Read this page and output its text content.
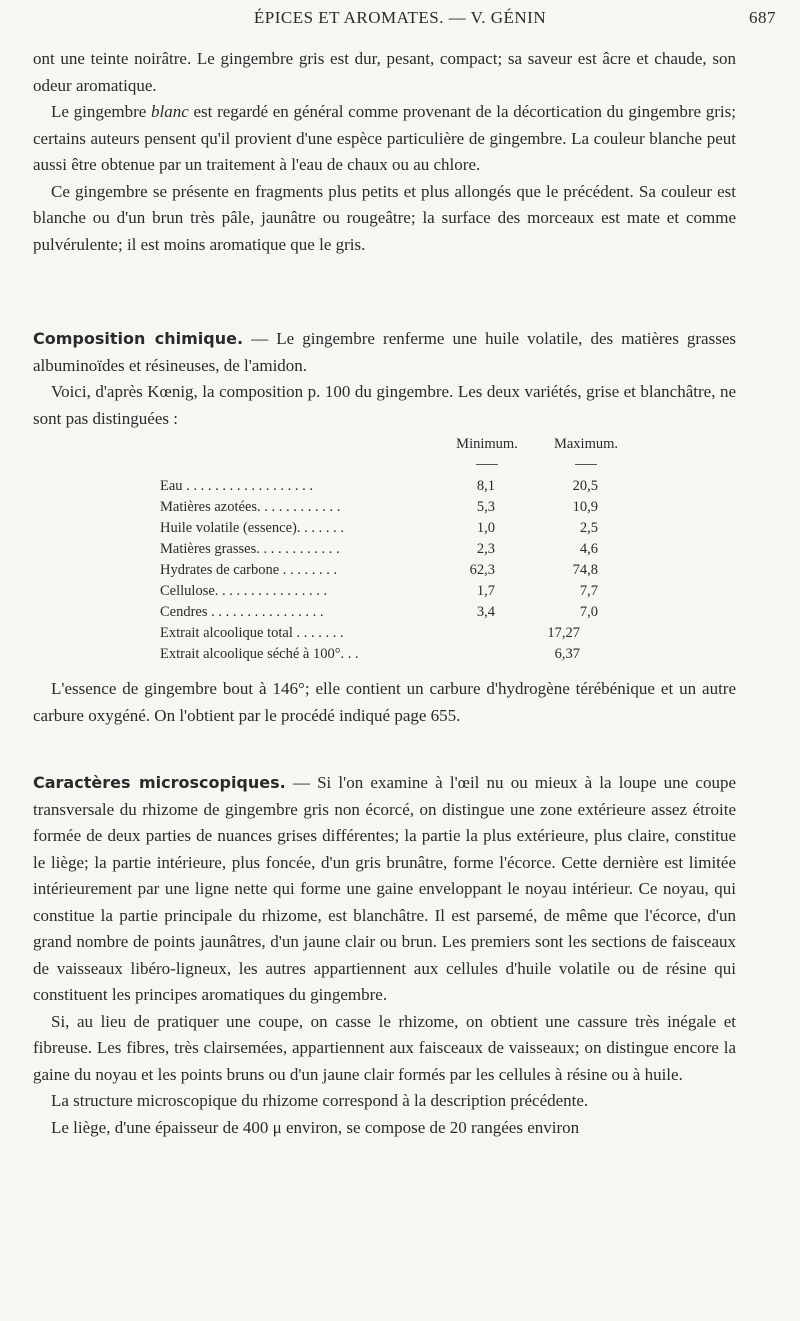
ÉPICES ET AROMATES. — V. GÉNIN	687

ont une teinte noirâtre. Le gingembre gris est dur, pesant, compact; sa saveur est âcre et chaude, son odeur aromatique.

Le gingembre blanc est regardé en général comme provenant de la décortication du gingembre gris; certains auteurs pensent qu'il provient d'une espèce particulière de gingembre. La couleur blanche peut aussi être obtenue par un traitement à l'eau de chaux ou au chlore.

Ce gingembre se présente en fragments plus petits et plus allongés que le précédent. Sa couleur est blanche ou d'un brun très pâle, jaunâtre ou rougeâtre; la surface des morceaux est mate et comme pulvérulente; il est moins aromatique que le gris.

Composition chimique. — Le gingembre renferme une huile volatile, des matières grasses albuminoïdes et résineuses, de l'amidon.

Voici, d'après Kœnig, la composition p. 100 du gingembre. Les deux variétés, grise et blanchâtre, ne sont pas distinguées :

Minimum.	Maximum.
Eau . . . . . . . . . . . . . . . . . .	8,1	20,5
Matières azotées. . . . . . . . . . . .	5,3	10,9
Huile volatile (essence). . . . . . .	1,0	2,5
Matières grasses. . . . . . . . . . . .	2,3	4,6
Hydrates de carbone . . . . . . . .	62,3	74,8
Cellulose. . . . . . . . . . . . . . . .	1,7	7,7
Cendres . . . . . . . . . . . . . . . .	3,4	7,0
Extrait alcoolique total . . . . . . .	17,27
Extrait alcoolique séché à 100°. . .	6,37

L'essence de gingembre bout à 146°; elle contient un carbure d'hydrogène térébénique et un autre carbure oxygéné. On l'obtient par le procédé indiqué page 655.

Caractères microscopiques. — Si l'on examine à l'œil nu ou mieux à la loupe une coupe transversale du rhizome de gingembre gris non écorcé, on distingue une zone extérieure assez étroite formée de deux parties de nuances grises différentes; la partie la plus extérieure, plus claire, constitue le liège; la partie intérieure, plus foncée, d'un gris brunâtre, forme l'écorce. Cette dernière est limitée intérieurement par une ligne nette qui forme une gaine enveloppant le noyau intérieur. Ce noyau, qui constitue la partie principale du rhizome, est blanchâtre. Il est parsemé, de même que l'écorce, d'un grand nombre de points jaunâtres, d'un jaune clair ou brun. Les premiers sont les sections de faisceaux de vaisseaux libéro-ligneux, les autres appartiennent aux cellules d'huile volatile ou de résine qui constituent les principes aromatiques du gingembre.

Si, au lieu de pratiquer une coupe, on casse le rhizome, on obtient une cassure très inégale et fibreuse. Les fibres, très clairsemées, appartiennent aux faisceaux de vaisseaux; on distingue encore la gaine du noyau et les points bruns ou d'un jaune clair formés par les cellules à résine ou à huile.

La structure microscopique du rhizome correspond à la description précédente.

Le liège, d'une épaisseur de 400 μ environ, se compose de 20 rangées environ
